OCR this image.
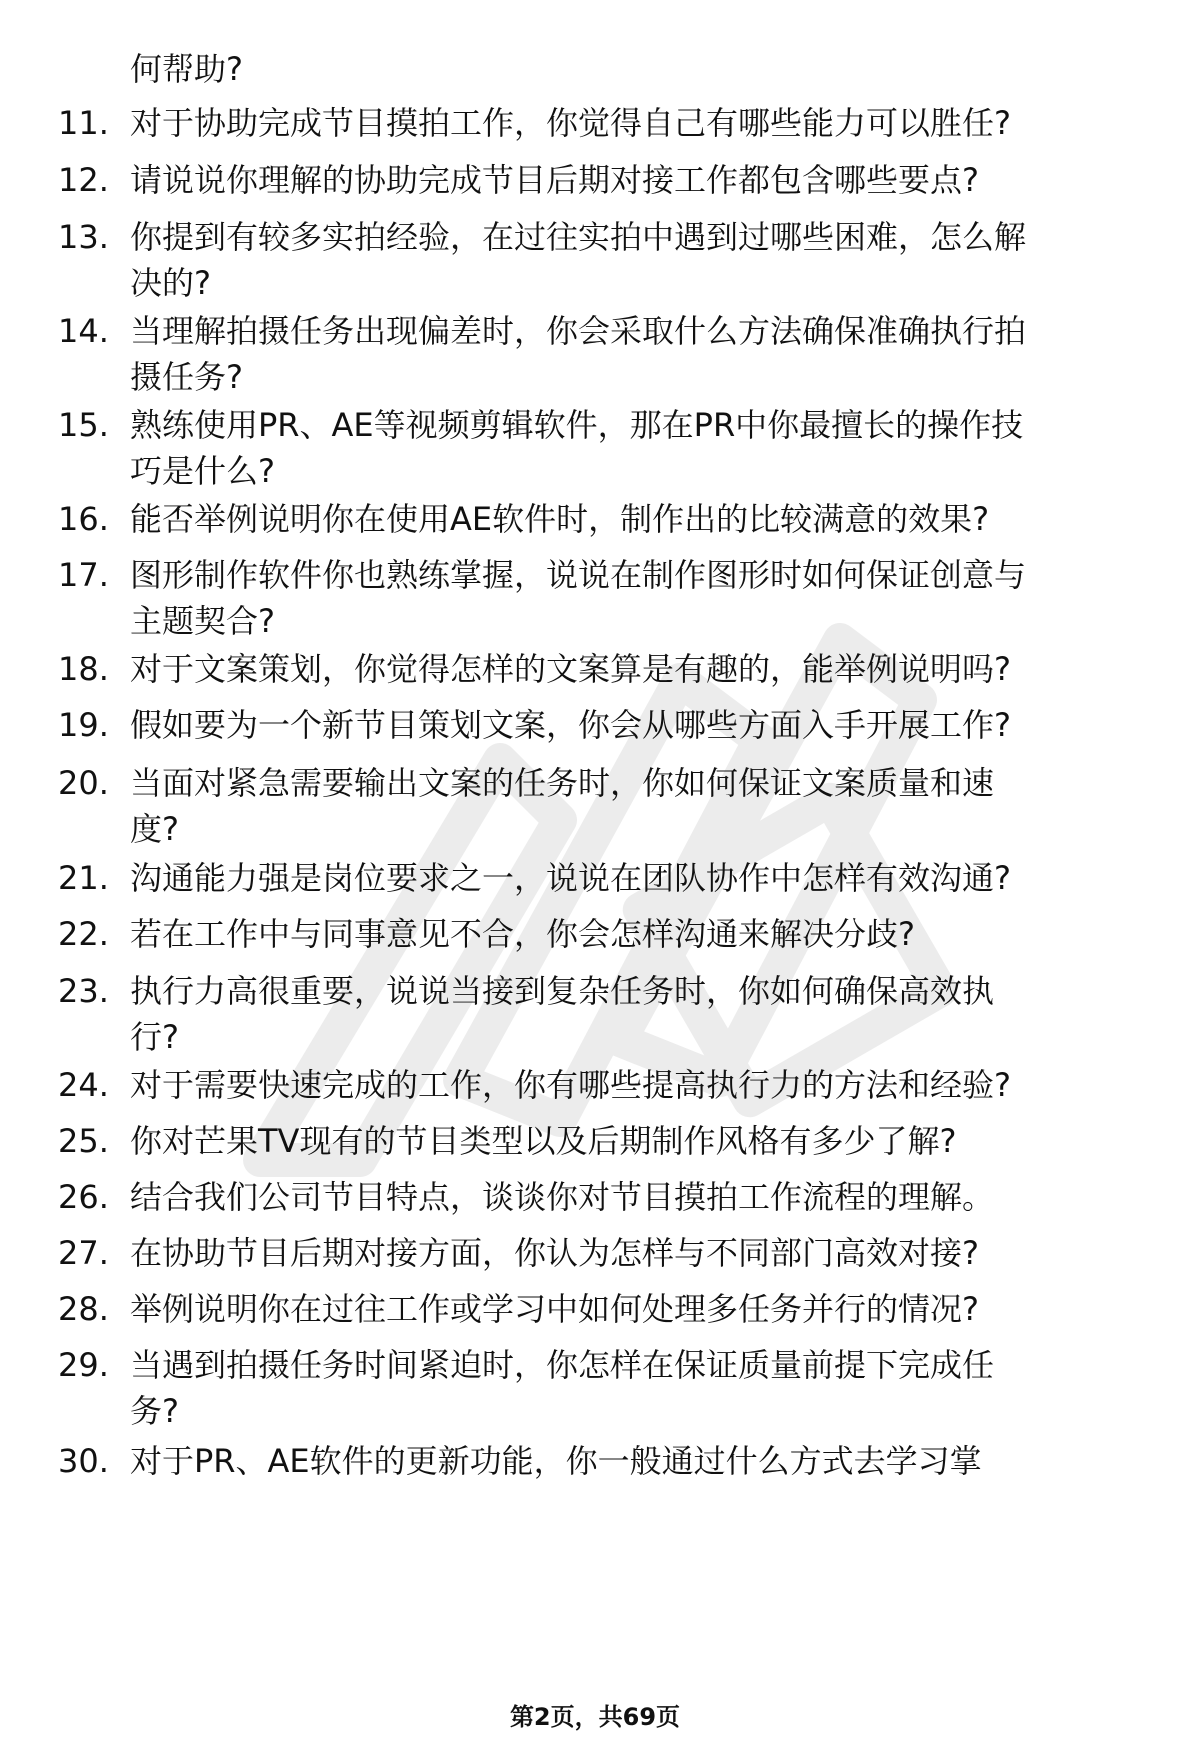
何帮助?
11. 对于协助完成节目摸拍工作，你觉得自己有哪些能力可以胜任?
12. 请说说你理解的协助完成节目后期对接工作都包含哪些要点?
13. 你提到有较多实拍经验，在过往实拍中遇到过哪些困难，怎么解
决的?
14. 当理解拍摄任务出现偏差时，你会采取什么方法确保准确执行拍
摄任务?
15. 熟练使用PR、AE等视频剪辑软件，那在PR中你最擅长的操作技
巧是什么?
16. 能否举例说明你在使用AE软件时，制作出的比较满意的效果?
17. 图形制作软件你也熟练掌握，说说在制作图形时如何保证创意与
主题契合?
18. 对于文案策划，你觉得怎样的文案算是有趣的，能举例说明吗?
19. 假如要为一个新节目策划文案，你会从哪些方面入手开展工作?
20. 当面对紧急需要输出文案的任务时，你如何保证文案质量和速
度?
21. 沟通能力强是岗位要求之一，说说在团队协作中怎样有效沟通?
22. 若在工作中与同事意见不合，你会怎样沟通来解决分歧?
23. 执行力高很重要，说说当接到复杂任务时，你如何确保高效执
行?
24. 对于需要快速完成的工作，你有哪些提高执行力的方法和经验?
25. 你对芒果TV现有的节目类型以及后期制作风格有多少了解?
26. 结合我们公司节目特点，谈谈你对节目摸拍工作流程的理解。
27. 在协助节目后期对接方面，你认为怎样与不同部门高效对接?
28. 举例说明你在过往工作或学习中如何处理多任务并行的情况?
29. 当遇到拍摄任务时间紧迫时，你怎样在保证质量前提下完成任
务?
30. 对于PR、AE软件的更新功能，你一般通过什么方式去学习掌
第2页，共69页
